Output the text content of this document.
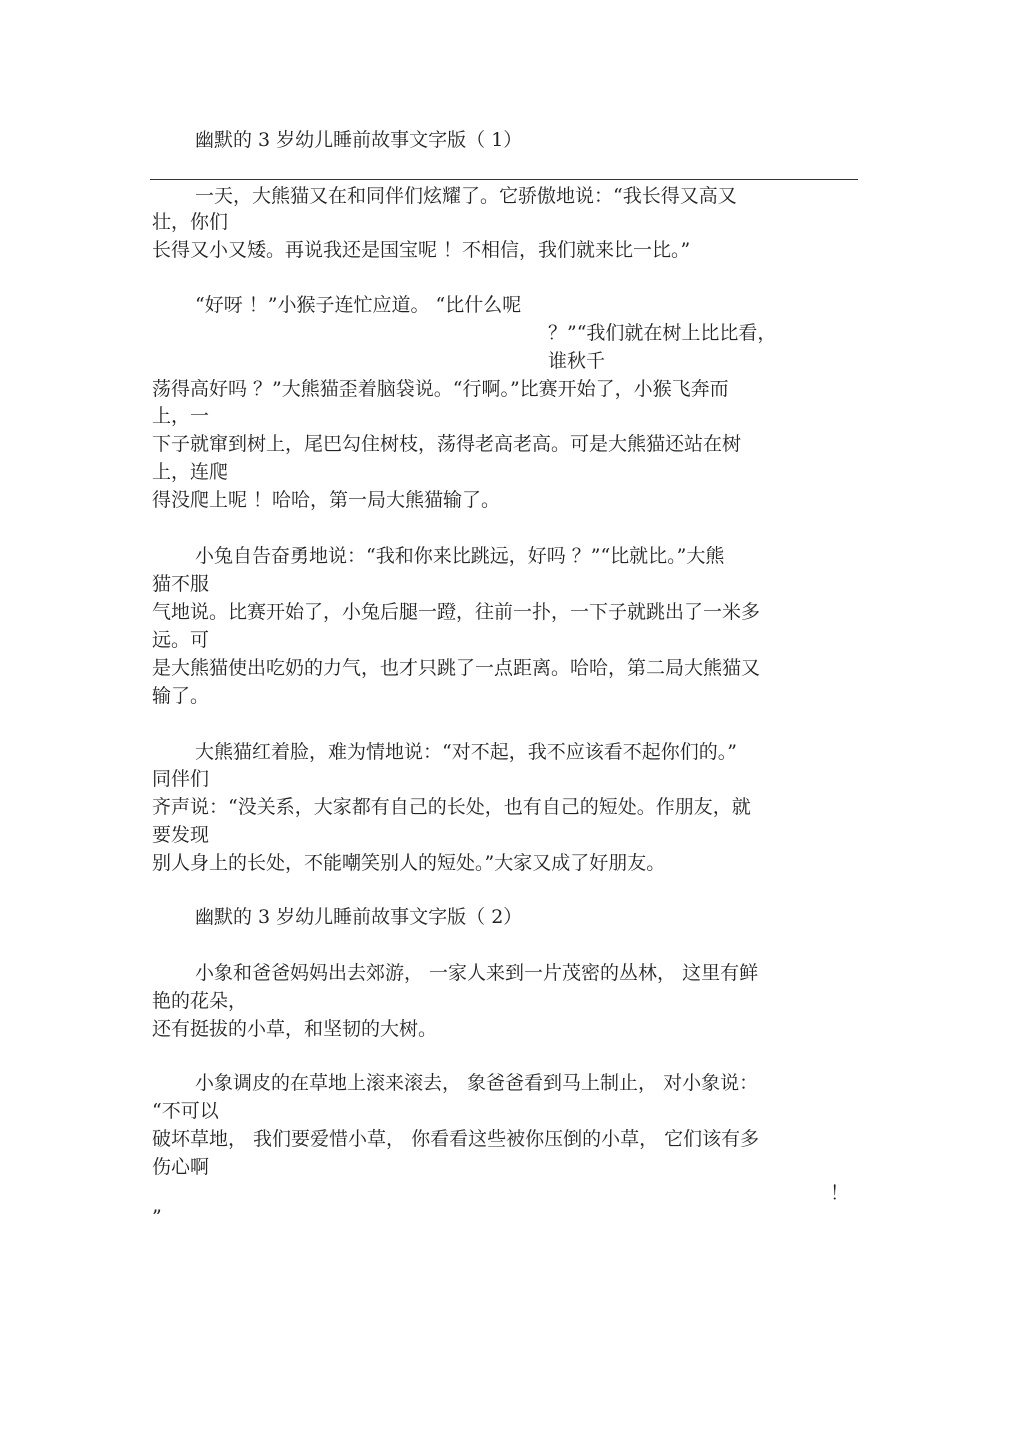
幽默的 3 岁幼儿睡前故事文字版（ 1）
一天，大熊猫又在和同伴们炫耀了。它骄傲地说：“我长得又高又
壮，你们
长得又小又矮。再说我还是国宝呢 ！不相信，我们就来比一比。”
“好呀 ！”小猴子连忙应道。 “比什么呢
？”“我们就在树上比比看，
谁秋千
荡得高好吗 ？”大熊猫歪着脑袋说。“行啊。”比赛开始了，小猴飞奔而
上，一
下子就窜到树上，尾巴勾住树枝，荡得老高老高。可是大熊猫还站在树
上，连爬
得没爬上呢 ！哈哈，第一局大熊猫输了。
小兔自告奋勇地说：“我和你来比跳远，好吗 ？”“比就比。”大熊
猫不服
气地说。比赛开始了，小兔后腿一蹬，往前一扑，一下子就跳出了一米多
远。可
是大熊猫使出吃奶的力气，也才只跳了一点距离。哈哈，第二局大熊猫又
输了。
大熊猫红着脸，难为情地说：“对不起，我不应该看不起你们的。”
同伴们
齐声说：“没关系，大家都有自己的长处，也有自己的短处。作朋友，就
要发现
别人身上的长处，不能嘲笑别人的短处。”大家又成了好朋友。
幽默的 3 岁幼儿睡前故事文字版（ 2）
小象和爸爸妈妈出去郊游， 一家人来到一片茂密的丛林， 这里有鲜
艳的花朵，
还有挺拔的小草，和坚韧的大树。
小象调皮的在草地上滚来滚去， 象爸爸看到马上制止， 对小象说：
“不可以
破坏草地， 我们要爱惜小草， 你看看这些被你压倒的小草， 它们该有多
伤心啊
！
”
